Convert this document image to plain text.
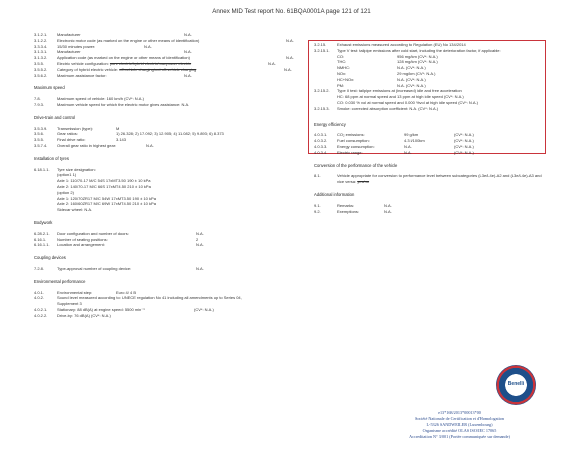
Annex MID Test report No. 61BQA0001A page 121 of 121
3.1.2.1. Manufacturer	N.A.
3.1.2.2. Electronic motor code (as marked on the engine or other means of identification)	N.A.
3.3.3.4. 15/30 minutes power:	N.A.
3.1.3.1. Manufacturer	N.A.
3.1.3.2. Application code (as marked on the engine or other means of identification)	N.A.
3.5.5.	Electric vehicle configuration: pure electric/hybrid electric/manpower electric	N.A.
3.5.5.2. Category of hybrid electric vehicle: off-vehicle charging/not off-vehicle charging	N.A.
3.5.6.2. Maximum assistance factor:	N.A.
Maximum speed
7.8.	Maximum speed of vehicle: 160 km/h (CV*: N.A.)
7.9.3.	Maximum vehicle speed for which the electric motor gives assistance: N.A.
Drive-train and control
3.5.3.9. Transmission (type):	M
3.5.6.	Gear ratios:	1) 26.328; 2) 17.092; 3) 12.905; 4) 11.082; 5) 9.893; 6) 8.373
3.5.5.	Final drive ratio:	3.143
3.5.7.4. Overall gear ratio in highest gear:	N.A.
Installation of tyres
6.18.1.1. Tyre size designation:
(option1 1)
Axle 1: 110/70-17 M/C 54S 17xMT3.50 190 ± 10 kPa
Axle 2: 140/70-17 M/C 66S 17xMT4.50 210 ± 10 kPa
(option 2)
Axle 1: 120/70ZR17 M/C 54W 17xMT3.50 190 ± 10 kPa
Axle 2: 160/60ZR17 M/C 69W 17xMT4.50 210 ± 10 kPa
Sidecar wheel: N.A.
Bodywork
6.28.2.1. Door configuration and number of doors:	N.A.
6.16.1.	Number of seating positions:	2
6.16.1.1. Location and arrangement:	N.A.
Coupling devices
7.2.8.	Type-approval number of coupling device:	N.A.
Environmental performance
4.0.1.	Environmental step:	Euro 4/ 4 B
4.0.2.	Sound level measured according to: UNECE regulation No 41 including all amendments up to Series 04,
Supplement 3
4.0.2.1. Stationary: 88 dB(A) at engine speed: 5500 min⁻¹	(CV*: N.A.)
4.0.2.2. Drive-by: 76 dB(A) (CV*: N.A.)
3.2.15.	Exhaust emissions measured according to Regulation (EU) No 134/2014
3.2.15.1. Type V test: tailpipe emissions after cold start, including the deterioration factor, if applicable:
CO:	956 mg/km (CV*: N.A.)
THC:	128 mg/km (CV*: N.A.)
NMHC:	N.A. (CV*: N.A.)
NOx:	29 mg/km (CV*: N.A.)
HC+NOx:	N.A. (CV*: N.A.)
PM:	N.A. (CV*: N.A.)
3.2.15.2. Type II test: tailpipe emissions at (increased) idle and free acceleration
HC: 68 ppm at normal speed and 13 ppm at high idle speed (CV*: N.A.)
CO: 0.030 % vol at normal speed and 0.000 %vol at high idle speed (CV*: N.A.)
3.2.15.3. Smoke: corrected absorption coefficient: N.A. (CV*: N.A.)
Energy efficiency
4.0.3.1. CO₂ emissions:	99 g/km	(CV*: N.A.)
4.0.3.2. Fuel consumption:	4.3 l/100km	(CV*: N.A.)
4.0.3.3. Energy consumption:	N.A.	(CV*: N.A.)
4.0.3.4. Electric range:	N.A.	(CV*: N.A.)
Conversion of the performance of the vehicle
8.1.	Vehicle appropriate for conversion to performance level between subcategories (L3e/L4e)-A2 and (L3e/L4e)-A3 and vice versa: yes/no
Additional information
9.1.	Remarks:	N.A.
9.2.	Exemptions:	N.A.
Benelli
e13*168/2013*00013*00
Société Nationale de Certification et d'Homologation
L-5326 SANDWEILER (Luxembourg)
Organisme accrédité OLAS ISO/IEC 17065
Accreditation N° 3/001 (Portée communiquée sur demande)
